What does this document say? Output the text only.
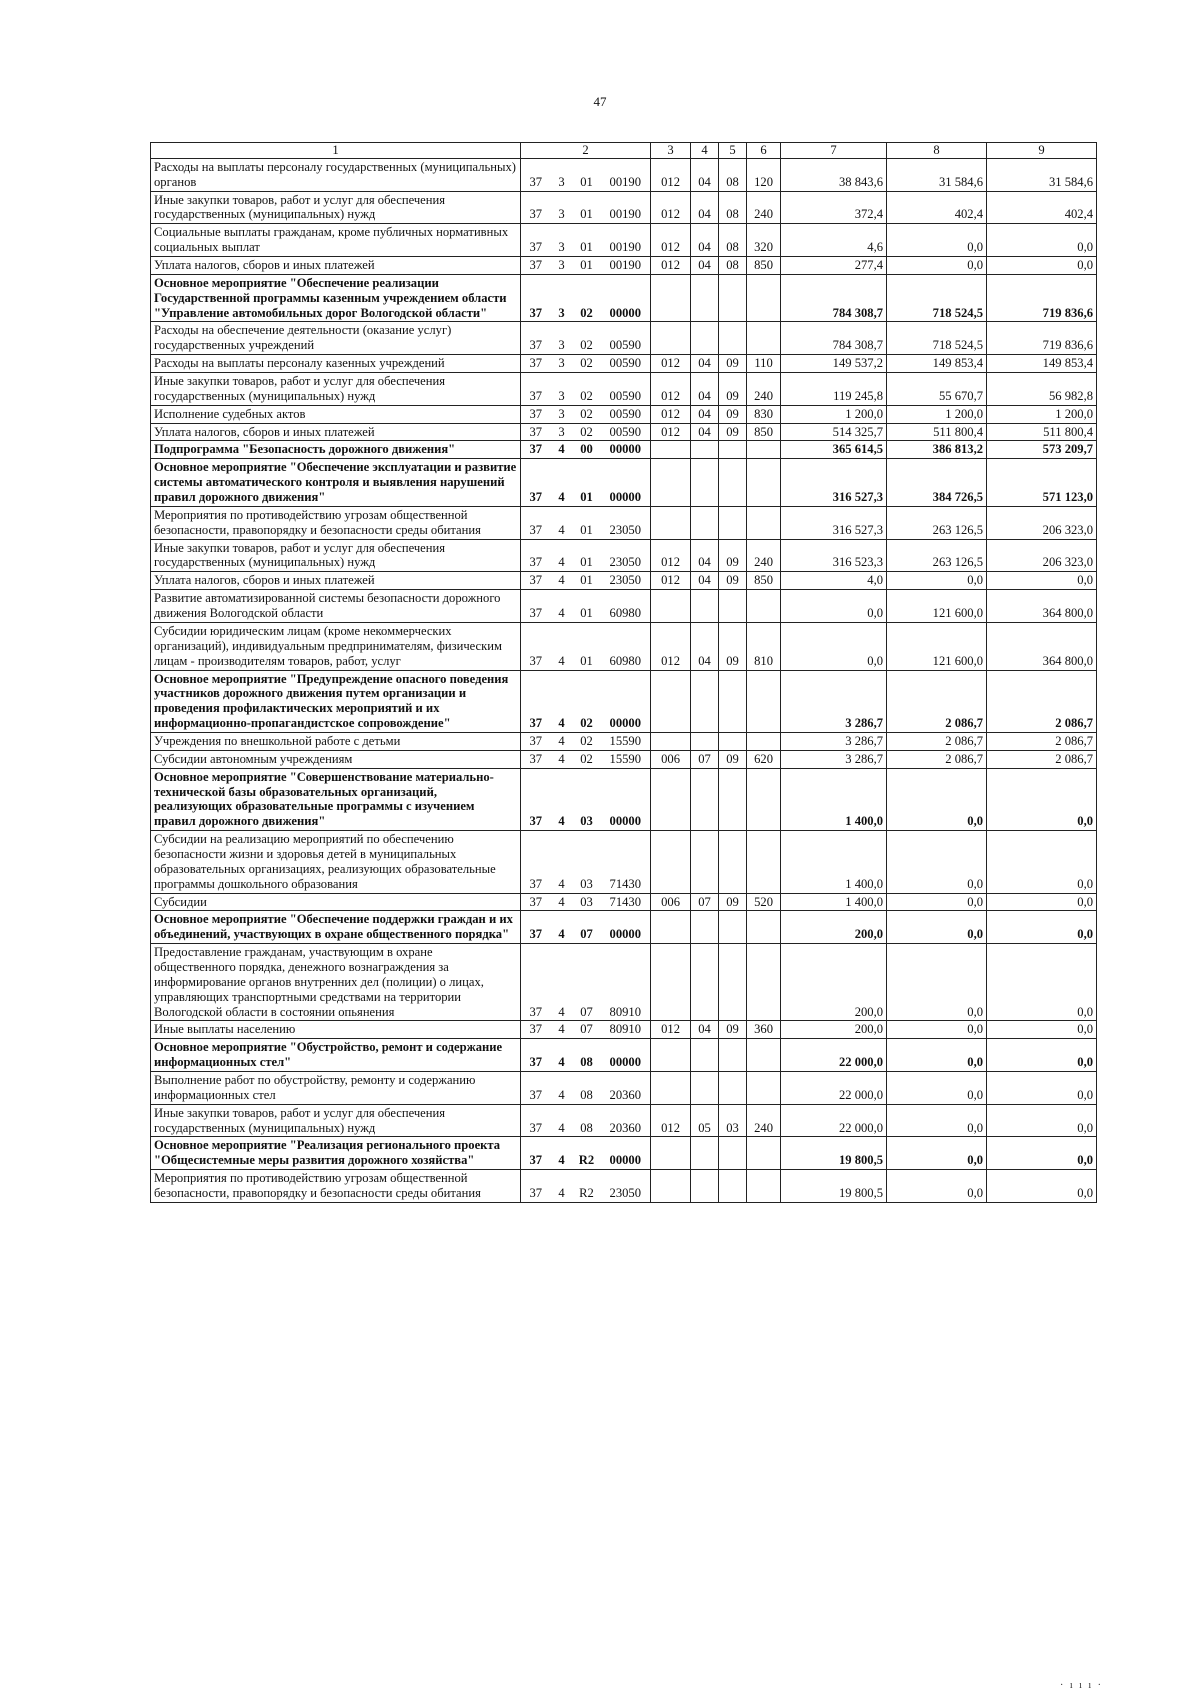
47
1	2				3	4	5	6	7	8	9
Расходы на выплаты персоналу государственных (муниципальных) органов	37	3	01	00190	012	04	08	120	38 843,6	31 584,6	31 584,6
Иные закупки товаров, работ и услуг для обеспечения государственных (муниципальных) нужд	37	3	01	00190	012	04	08	240	372,4	402,4	402,4
Социальные выплаты гражданам, кроме публичных нормативных социальных выплат	37	3	01	00190	012	04	08	320	4,6	0,0	0,0
Уплата налогов, сборов и иных платежей	37	3	01	00190	012	04	08	850	277,4	0,0	0,0
Основное мероприятие "Обеспечение реализации Государственной программы казенным учреждением области "Управление автомобильных дорог Вологодской области"	37	3	02	00000					784 308,7	718 524,5	719 836,6
Расходы на обеспечение деятельности (оказание услуг) государственных учреждений	37	3	02	00590					784 308,7	718 524,5	719 836,6
Расходы на выплаты персоналу казенных учреждений	37	3	02	00590	012	04	09	110	149 537,2	149 853,4	149 853,4
Иные закупки товаров, работ и услуг для обеспечения государственных (муниципальных) нужд	37	3	02	00590	012	04	09	240	119 245,8	55 670,7	56 982,8
Исполнение судебных актов	37	3	02	00590	012	04	09	830	1 200,0	1 200,0	1 200,0
Уплата налогов, сборов и иных платежей	37	3	02	00590	012	04	09	850	514 325,7	511 800,4	511 800,4
Подпрограмма "Безопасность дорожного движения"	37	4	00	00000					365 614,5	386 813,2	573 209,7
Основное мероприятие "Обеспечение эксплуатации и развитие системы автоматического контроля и выявления нарушений правил дорожного движения"	37	4	01	00000					316 527,3	384 726,5	571 123,0
Мероприятия по противодействию угрозам общественной безопасности, правопорядку и безопасности среды обитания	37	4	01	23050					316 527,3	263 126,5	206 323,0
Иные закупки товаров, работ и услуг для обеспечения государственных (муниципальных) нужд	37	4	01	23050	012	04	09	240	316 523,3	263 126,5	206 323,0
Уплата налогов, сборов и иных платежей	37	4	01	23050	012	04	09	850	4,0	0,0	0,0
Развитие автоматизированной системы безопасности дорожного движения Вологодской области	37	4	01	60980					0,0	121 600,0	364 800,0
Субсидии юридическим лицам (кроме некоммерческих организаций), индивидуальным предпринимателям, физическим лицам - производителям товаров, работ, услуг	37	4	01	60980	012	04	09	810	0,0	121 600,0	364 800,0
Основное мероприятие "Предупреждение опасного поведения участников дорожного движения путем организации и проведения профилактических мероприятий и их информационно-пропагандистское сопровождение"	37	4	02	00000					3 286,7	2 086,7	2 086,7
Учреждения по внешкольной работе с детьми	37	4	02	15590					3 286,7	2 086,7	2 086,7
Субсидии автономным учреждениям	37	4	02	15590	006	07	09	620	3 286,7	2 086,7	2 086,7
Основное мероприятие "Совершенствование материально-технической базы образовательных организаций, реализующих образовательные программы с изучением правил дорожного движения"	37	4	03	00000					1 400,0	0,0	0,0
Субсидии на реализацию мероприятий по обеспечению безопасности жизни и здоровья детей в муниципальных образовательных организациях, реализующих образовательные программы дошкольного образования	37	4	03	71430					1 400,0	0,0	0,0
Субсидии	37	4	03	71430	006	07	09	520	1 400,0	0,0	0,0
Основное мероприятие "Обеспечение поддержки граждан и их объединений, участвующих в охране общественного порядка"	37	4	07	00000					200,0	0,0	0,0
Предоставление гражданам, участвующим в охране общественного порядка, денежного вознаграждения за информирование органов внутренних дел (полиции) о лицах, управляющих транспортными средствами на территории Вологодской области в состоянии опьянения	37	4	07	80910					200,0	0,0	0,0
Иные выплаты населению	37	4	07	80910	012	04	09	360	200,0	0,0	0,0
Основное мероприятие "Обустройство, ремонт и содержание информационных стел"	37	4	08	00000					22 000,0	0,0	0,0
Выполнение работ по обустройству, ремонту и содержанию информационных стел	37	4	08	20360					22 000,0	0,0	0,0
Иные закупки товаров, работ и услуг для обеспечения государственных (муниципальных) нужд	37	4	08	20360	012	05	03	240	22 000,0	0,0	0,0
Основное мероприятие "Реализация регионального проекта "Общесистемные меры развития дорожного хозяйства"	37	4	R2	00000					19 800,5	0,0	0,0
Мероприятия по противодействию угрозам общественной безопасности, правопорядку и безопасности среды обитания	37	4	R2	23050					19 800,5	0,0	0,0
· ı ı ı ·
